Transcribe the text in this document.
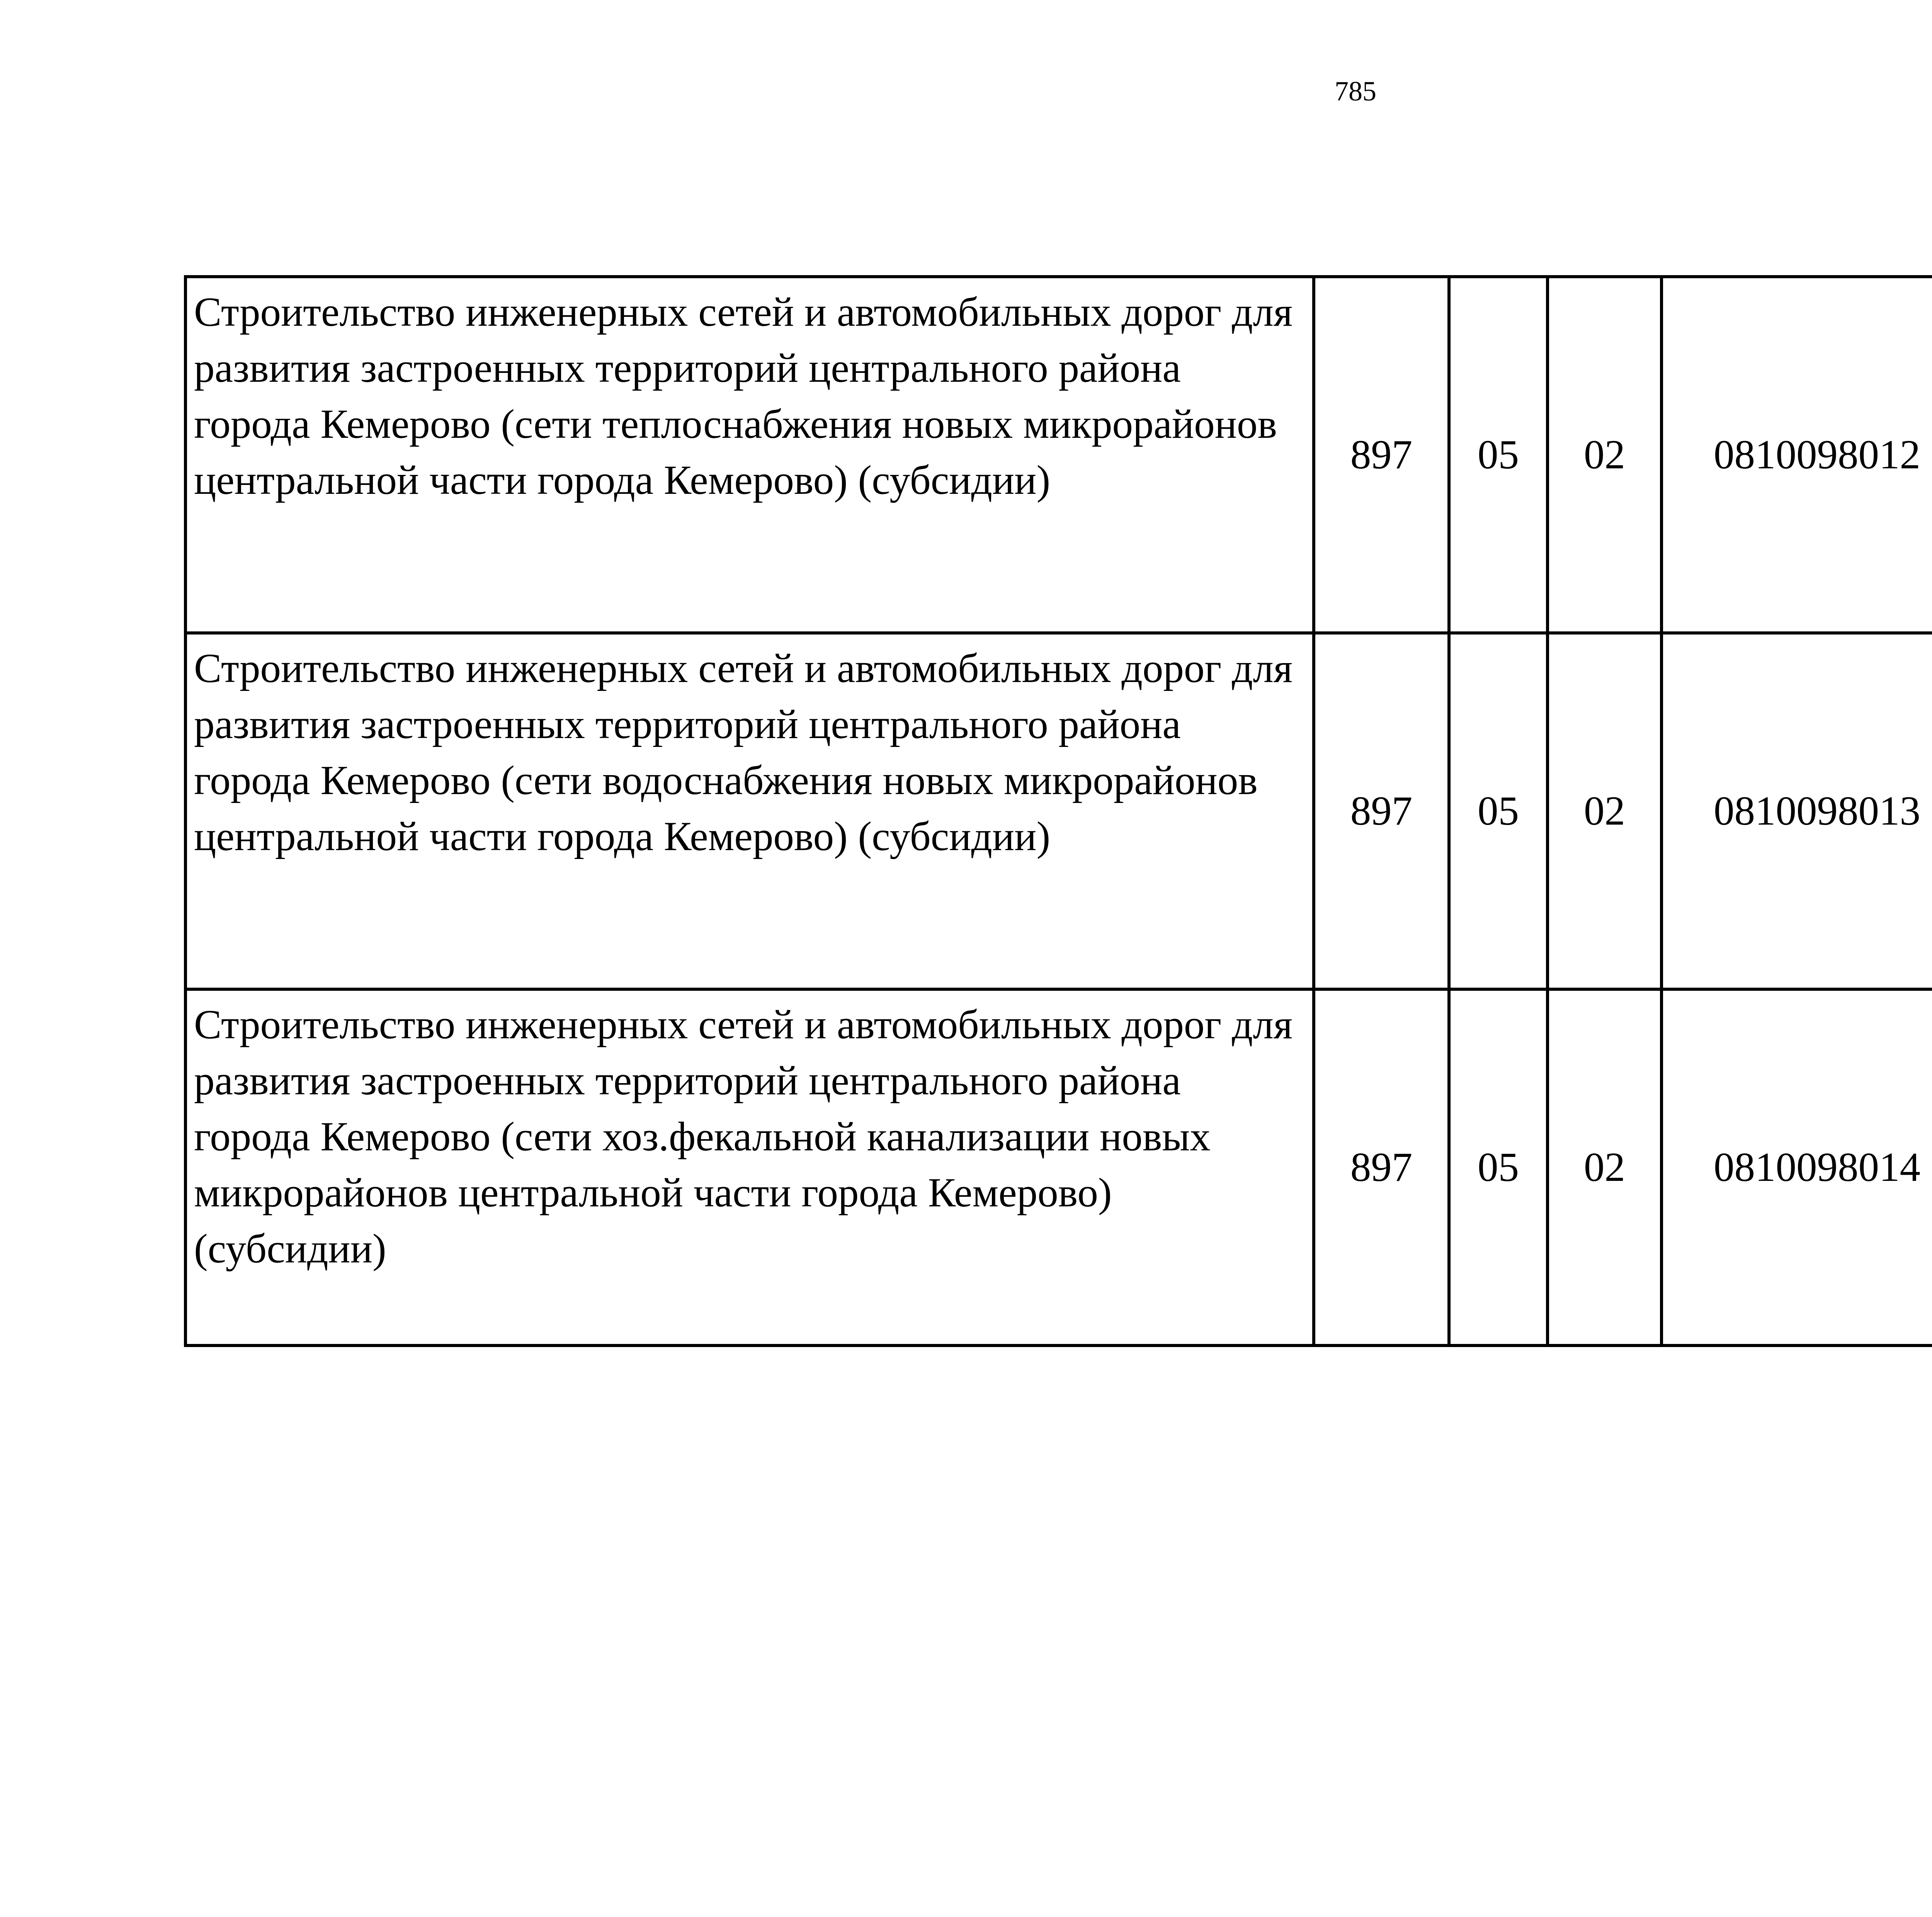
785
Строительство инженерных сетей и автомобильных дорог для развития застроенных территорий центрального района города Кемерово (сети теплоснабжения новых микрорайонов центральной части города Кемерово) (субсидии)	897	05	02	0810098012		
Строительство инженерных сетей и автомобильных дорог для развития застроенных территорий центрального района города Кемерово (сети водоснабжения новых микрорайонов центральной части города Кемерово) (субсидии)	897	05	02	0810098013		
Строительство инженерных сетей и автомобильных дорог для развития застроенных территорий центрального района города Кемерово (сети хоз.фекальной канализации новых микрорайонов центральной части города Кемерово) (субсидии)	897	05	02	0810098014		
